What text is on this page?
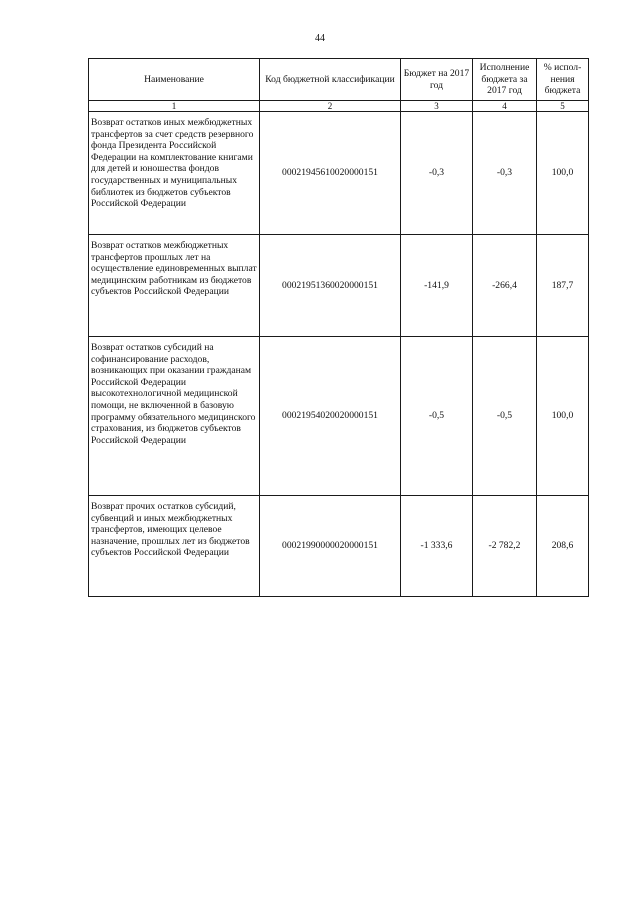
44
Наименование	Код бюджетной классификации	Бюджет на 2017 год	Исполнение бюджета за 2017 год	% испол-нения бюджета
1	2	3	4	5
Возврат остатков иных межбюджетных трансфертов за счет средств резервного фонда Президента Российской Федерации на комплектование книгами для детей и юношества фондов государственных и муниципальных библиотек из бюджетов субъектов Российской Федерации	00021945610020000151	-0,3	-0,3	100,0
Возврат остатков межбюджетных трансфертов прошлых лет на осуществление единовременных выплат медицинским работникам из бюджетов субъектов Российской Федерации	00021951360020000151	-141,9	-266,4	187,7
Возврат остатков субсидий на софинансирование расходов, возникающих при оказании гражданам Российской Федерации высокотехнологичной медицинской помощи, не включенной в базовую программу обязательного медицинского страхования, из бюджетов субъектов Российской Федерации	00021954020020000151	-0,5	-0,5	100,0
Возврат прочих остатков субсидий, субвенций и иных межбюджетных трансфертов, имеющих целевое назначение, прошлых лет из бюджетов субъектов Российской Федерации	00021990000020000151	-1 333,6	-2 782,2	208,6
